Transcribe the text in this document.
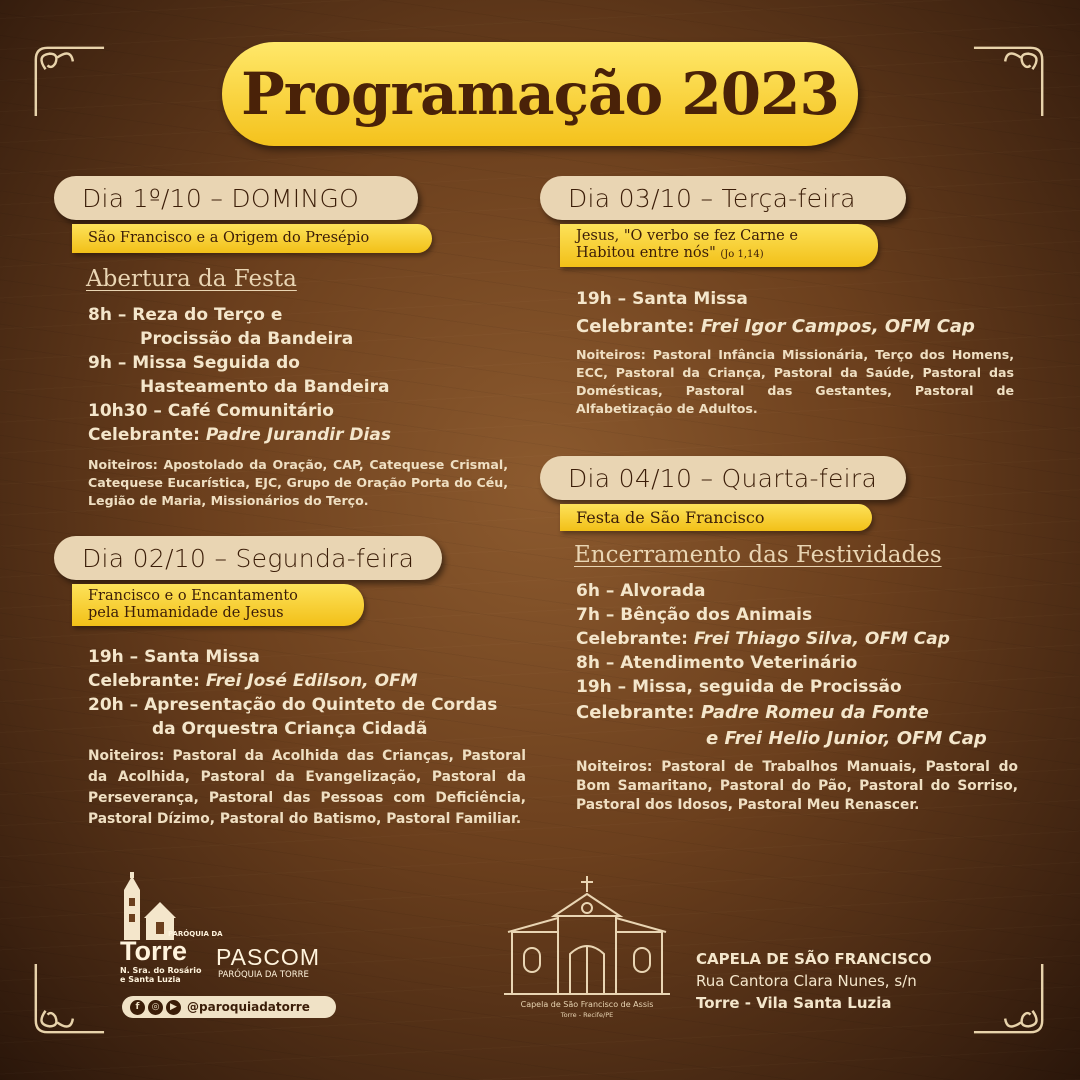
Programação 2023
Dia 1º/10 – DOMINGO
São Francisco e a Origem do Presépio
Abertura da Festa
8h – Reza do Terço e
Procissão da Bandeira
9h – Missa Seguida do
Hasteamento da Bandeira
10h30 – Café Comunitário
Celebrante: Padre Jurandir Dias
Noiteiros: Apostolado da Oração, CAP, Catequese Crismal, Catequese Eucarística, EJC, Grupo de Oração Porta do Céu, Legião de Maria, Missionários do Terço.
Dia 02/10 – Segunda-feira
Francisco e o Encantamento
pela Humanidade de Jesus
19h – Santa Missa
Celebrante: Frei José Edilson, OFM
20h – Apresentação do Quinteto de Cordas
da Orquestra Criança Cidadã
Noiteiros: Pastoral da Acolhida das Crianças, Pastoral da Acolhida, Pastoral da Evangelização, Pastoral da Perseverança, Pastoral das Pessoas com Deficiência, Pastoral Dízimo, Pastoral do Batismo, Pastoral Familiar.
Dia 03/10 – Terça-feira
Jesus, "O verbo se fez Carne e
Habitou entre nós" (Jo 1,14)
19h – Santa Missa
Celebrante: Frei Igor Campos, OFM Cap
Noiteiros: Pastoral Infância Missionária, Terço dos Homens, ECC, Pastoral da Criança, Pastoral da Saúde, Pastoral das Domésticas, Pastoral das Gestantes, Pastoral de Alfabetização de Adultos.
Dia 04/10 – Quarta-feira
Festa de São Francisco
Encerramento das Festividades
6h – Alvorada
7h – Bênção dos Animais
Celebrante: Frei Thiago Silva, OFM Cap
8h – Atendimento Veterinário
19h – Missa, seguida de Procissão
Celebrante: Padre Romeu da Fonte
e Frei Helio Junior, OFM Cap
Noiteiros: Pastoral de Trabalhos Manuais, Pastoral do Bom Samaritano, Pastoral do Pão, Pastoral do Sorriso, Pastoral dos Idosos, Pastoral Meu Renascer.
PARÓQUIA DA
Torre
N. Sra. do Rosário
e Santa Luzia
PASCOM
PARÓQUIA DA TORRE
f	◎	▶ @paroquiadatorre	Capela de São Francisco de Assis
Torre - Recife/PE
CAPELA DE SÃO FRANCISCO
Rua Cantora Clara Nunes, s/n
Torre - Vila Santa Luzia
